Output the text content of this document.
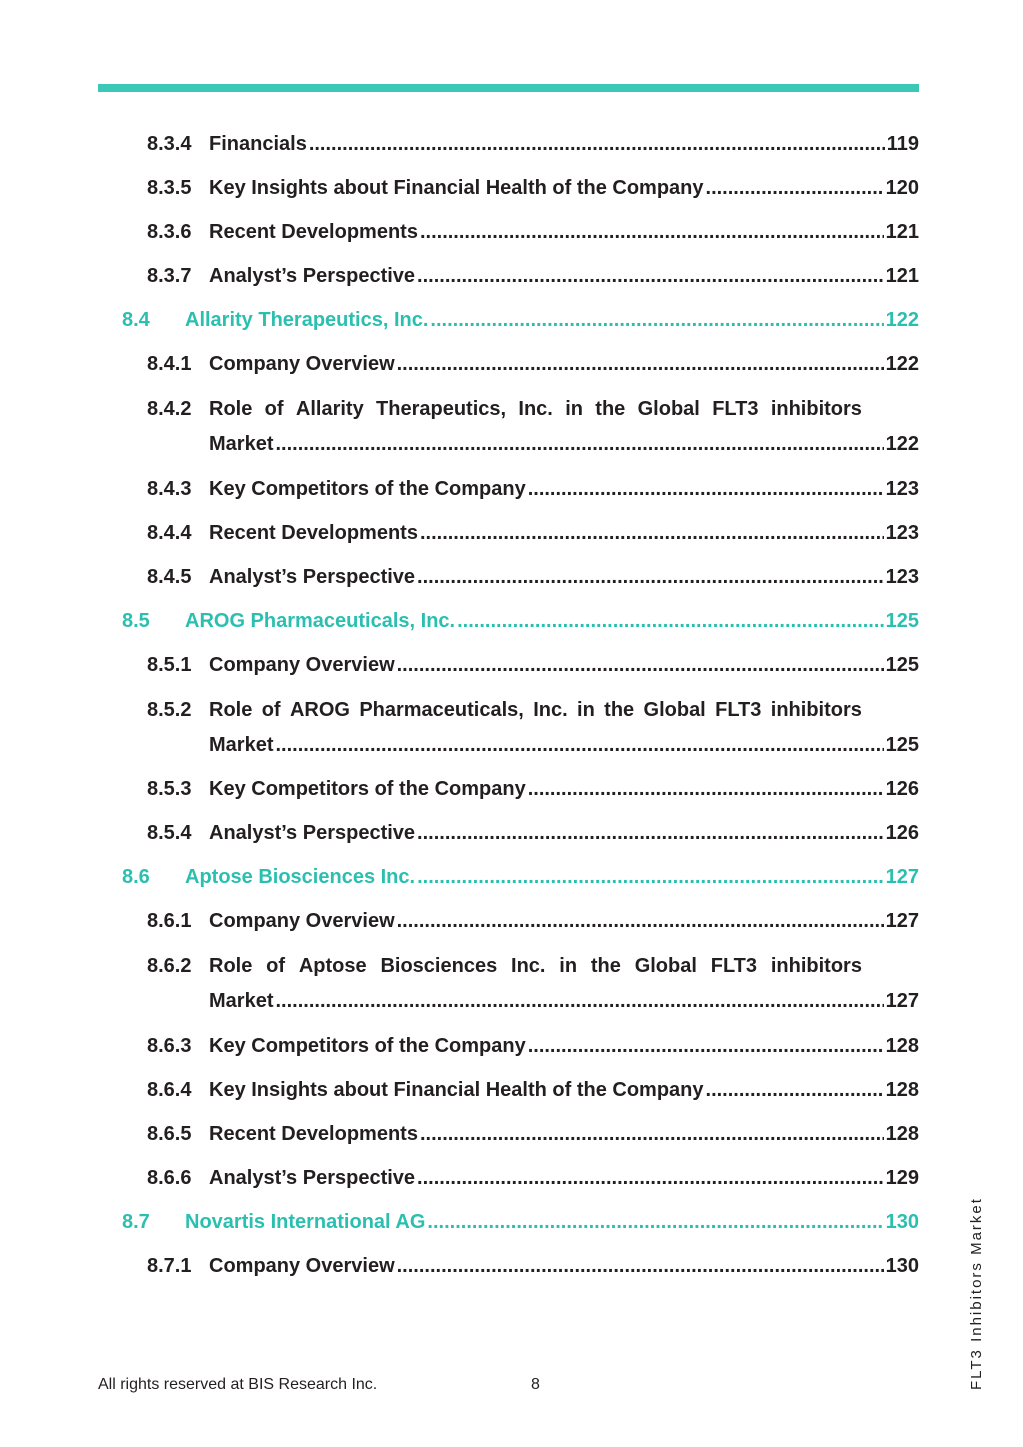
8.3.4 Financials .....	119
8.3.5 Key Insights about Financial Health of the Company .....	120
8.3.6 Recent Developments .....	121
8.3.7 Analyst’s Perspective .....	121
8.4	Allarity Therapeutics, Inc. .....	122
8.4.1 Company Overview .....	122
8.4.2 Role of Allarity Therapeutics, Inc. in the Global FLT3 inhibitors
Market .....	122
8.4.3 Key Competitors of the Company .....	123
8.4.4 Recent Developments .....	123
8.4.5 Analyst’s Perspective .....	123
8.5	AROG Pharmaceuticals, Inc. .....	125
8.5.1 Company Overview .....	125
8.5.2 Role of AROG Pharmaceuticals, Inc. in the Global FLT3 inhibitors
Market .....	125
8.5.3 Key Competitors of the Company .....	126
8.5.4 Analyst’s Perspective .....	126
8.6	Aptose Biosciences Inc. .....	127
8.6.1 Company Overview .....	127
8.6.2 Role of Aptose Biosciences Inc. in the Global FLT3 inhibitors
Market .....	127
8.6.3 Key Competitors of the Company .....	128
8.6.4 Key Insights about Financial Health of the Company .....	128
8.6.5 Recent Developments .....	128
8.6.6 Analyst’s Perspective .....	129
8.7	Novartis International AG .....	130
8.7.1 Company Overview .....	130
All rights reserved at BIS Research Inc.	8	FLT3 Inhibitors Market
